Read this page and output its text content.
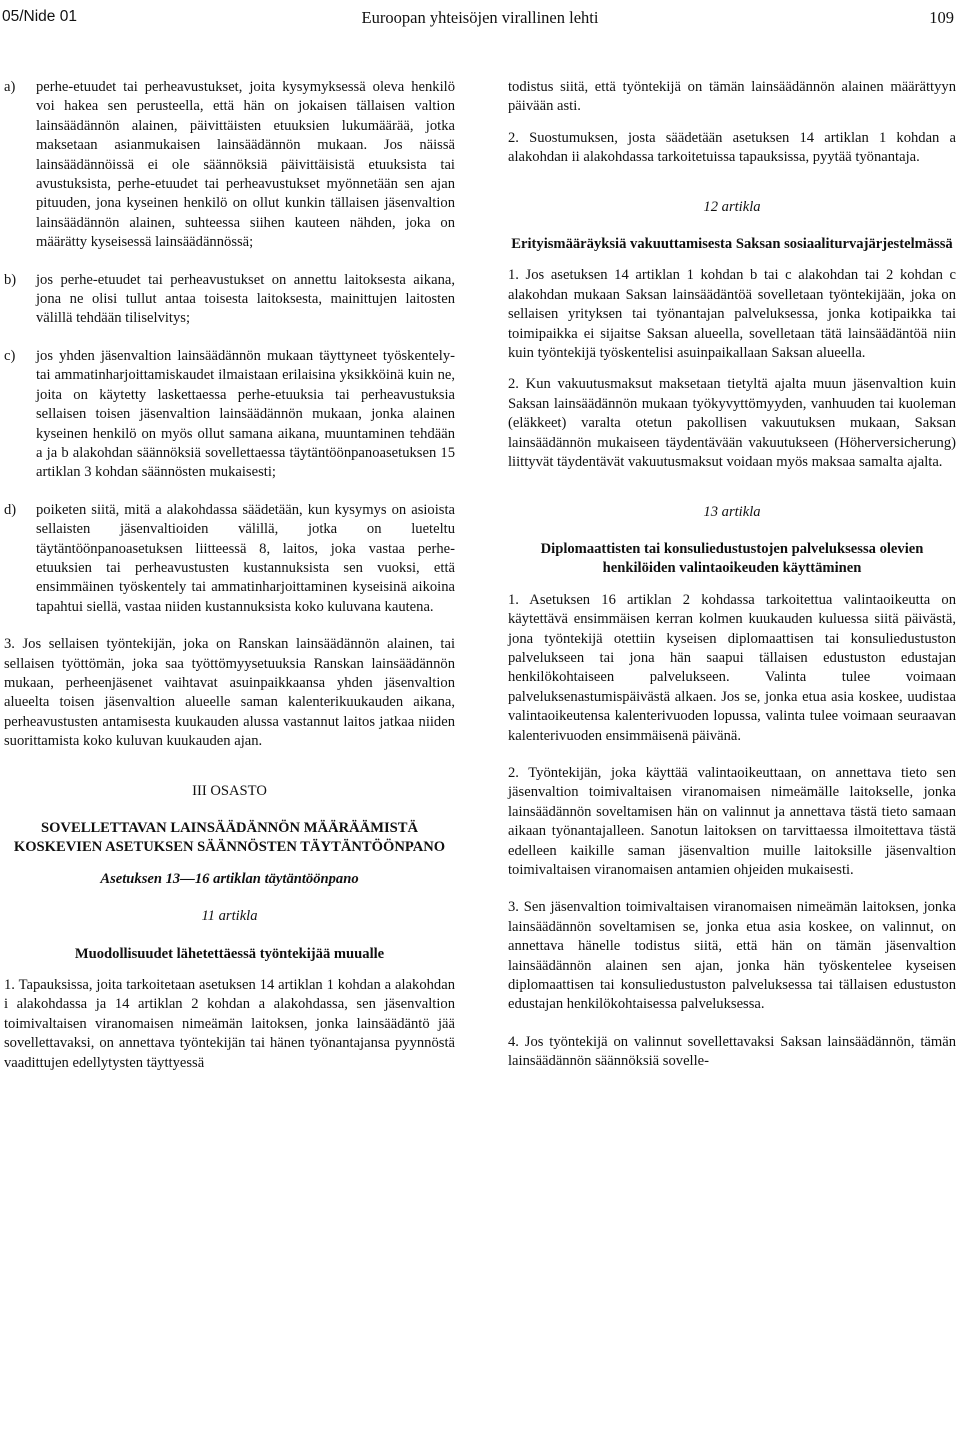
05/Nide 01	Euroopan yhteisöjen virallinen lehti	109
a)	perhe-etuudet tai perheavustukset, joita kysymyksessä oleva henkilö voi hakea sen perusteella, että hän on jokaisen tällaisen valtion lainsäädännön alainen, päivittäisten etuuksien lukumäärää, jotka maksetaan asianmukaisen lainsäädännön mukaan. Jos näissä lainsäädännöissä ei ole säännöksiä päivittäisistä etuuksista tai avustuksista, perhe-etuudet tai perheavustukset myönnetään sen ajan pituuden, jona kyseinen henkilö on ollut kunkin tällaisen jäsenvaltion lainsäädännön alainen, suhteessa siihen kauteen nähden, joka on määrätty kyseisessä lainsäädännössä;

b)	jos perhe-etuudet tai perheavustukset on annettu laitoksesta aikana, jona ne olisi tullut antaa toisesta laitoksesta, mainittujen laitosten välillä tehdään tiliselvitys;

c)	jos yhden jäsenvaltion lainsäädännön mukaan täyttyneet työskentely- tai ammatinharjoittamiskaudet ilmaistaan erilaisina yksikköinä kuin ne, joita on käytetty laskettaessa perhe-etuuksia tai perheavustuksia sellaisen toisen jäsenvaltion lainsäädännön mukaan, jonka alainen kyseinen henkilö on myös ollut samana aikana, muuntaminen tehdään a ja b alakohdan säännöksiä sovellettaessa täytäntöönpanoasetuksen 15 artiklan 3 kohdan säännösten mukaisesti;

d)	poiketen siitä, mitä a alakohdassa säädetään, kun kysymys on asioista sellaisten jäsenvaltioiden välillä, jotka on lueteltu täytäntöönpanoasetuksen liitteessä 8, laitos, joka vastaa perhe-etuuksien tai perheavustusten kustannuksista sen vuoksi, että ensimmäinen työskentely tai ammatinharjoittaminen kyseisinä aikoina tapahtui siellä, vastaa niiden kustannuksista koko kuluvana kautena.

3. Jos sellaisen työntekijän, joka on Ranskan lainsäädännön alainen, tai sellaisen työttömän, joka saa työttömyysetuuksia Ranskan lainsäädännön mukaan, perheenjäsenet vaihtavat asuinpaikkaansa yhden jäsenvaltion alueelta toisen jäsenvaltion alueelle saman kalenterikuukauden aikana, perheavustusten antamisesta kuukauden alussa vastannut laitos jatkaa niiden suorittamista koko kuluvan kuukauden ajan.

III OSASTO

SOVELLETTAVAN LAINSÄÄDÄNNÖN MÄÄRÄÄMISTÄ KOSKEVIEN ASETUKSEN SÄÄNNÖSTEN TÄYTÄNTÖÖNPANO

Asetuksen 13—16 artiklan täytäntöönpano

11 artikla

Muodollisuudet lähetettäessä työntekijää muualle

1. Tapauksissa, joita tarkoitetaan asetuksen 14 artiklan 1 kohdan a alakohdan i alakohdassa ja 14 artiklan 2 kohdan a alakohdassa, sen jäsenvaltion toimivaltaisen viranomaisen nimeämän laitoksen, jonka lainsäädäntö jää sovellettavaksi, on annettava työntekijän tai hänen työnantajansa pyynnöstä vaadittujen edellytysten täyttyessä

todistus siitä, että työntekijä on tämän lainsäädännön alainen määrättyyn päivään asti.

2. Suostumuksen, josta säädetään asetuksen 14 artiklan 1 kohdan a alakohdan ii alakohdassa tarkoitetuissa tapauksissa, pyytää työnantaja.

12 artikla

Erityismääräyksiä vakuuttamisesta Saksan sosiaaliturvajärjestelmässä

1. Jos asetuksen 14 artiklan 1 kohdan b tai c alakohdan tai 2 kohdan c alakohdan mukaan Saksan lainsäädäntöä sovelletaan työntekijään, joka on sellaisen yrityksen tai työnantajan palveluksessa, jonka kotipaikka tai toimipaikka ei sijaitse Saksan alueella, sovelletaan tätä lainsäädäntöä niin kuin työntekijä työskentelisi asuinpaikallaan Saksan alueella.

2. Kun vakuutusmaksut maksetaan tietyltä ajalta muun jäsenvaltion kuin Saksan lainsäädännön mukaan työkyvyttömyyden, vanhuuden tai kuoleman (eläkkeet) varalta otetun pakollisen vakuutuksen mukaan, Saksan lainsäädännön mukaiseen täydentävään vakuutukseen (Höherversicherung) liittyvät täydentävät vakuutusmaksut voidaan myös maksaa samalta ajalta.

13 artikla

Diplomaattisten tai konsuliedustustojen palveluksessa olevien henkilöiden valintaoikeuden käyttäminen

1. Asetuksen 16 artiklan 2 kohdassa tarkoitettua valintaoikeutta on käytettävä ensimmäisen kerran kolmen kuukauden kuluessa siitä päivästä, jona työntekijä otettiin kyseisen diplomaattisen tai konsuliedustuston palvelukseen tai jona hän saapui tällaisen edustuston edustajan henkilökohtaiseen palvelukseen. Valinta tulee voimaan palveluksenastumispäivästä alkaen. Jos se, jonka etua asia koskee, uudistaa valintaoikeutensa kalenterivuoden lopussa, valinta tulee voimaan seuraavan kalenterivuoden ensimmäisenä päivänä.

2. Työntekijän, joka käyttää valintaoikeuttaan, on annettava tieto sen jäsenvaltion toimivaltaisen viranomaisen nimeämälle laitokselle, jonka lainsäädännön soveltamisen hän on valinnut ja annettava tästä tieto samaan aikaan työnantajalleen. Sanotun laitoksen on tarvittaessa ilmoitettava tästä edelleen kaikille saman jäsenvaltion muille laitoksille jäsenvaltion toimivaltaisen viranomaisen antamien ohjeiden mukaisesti.

3. Sen jäsenvaltion toimivaltaisen viranomaisen nimeämän laitoksen, jonka lainsäädännön soveltamisen se, jonka etua asia koskee, on valinnut, on annettava hänelle todistus siitä, että hän on tämän jäsenvaltion lainsäädännön alainen sen ajan, jonka hän työskentelee kyseisen diplomaattisen tai konsuliedustuston palveluksessa tai tällaisen edustuston edustajan henkilökohtaisessa palveluksessa.

4. Jos työntekijä on valinnut sovellettavaksi Saksan lainsäädännön, tämän lainsäädännön säännöksiä sovelle-
